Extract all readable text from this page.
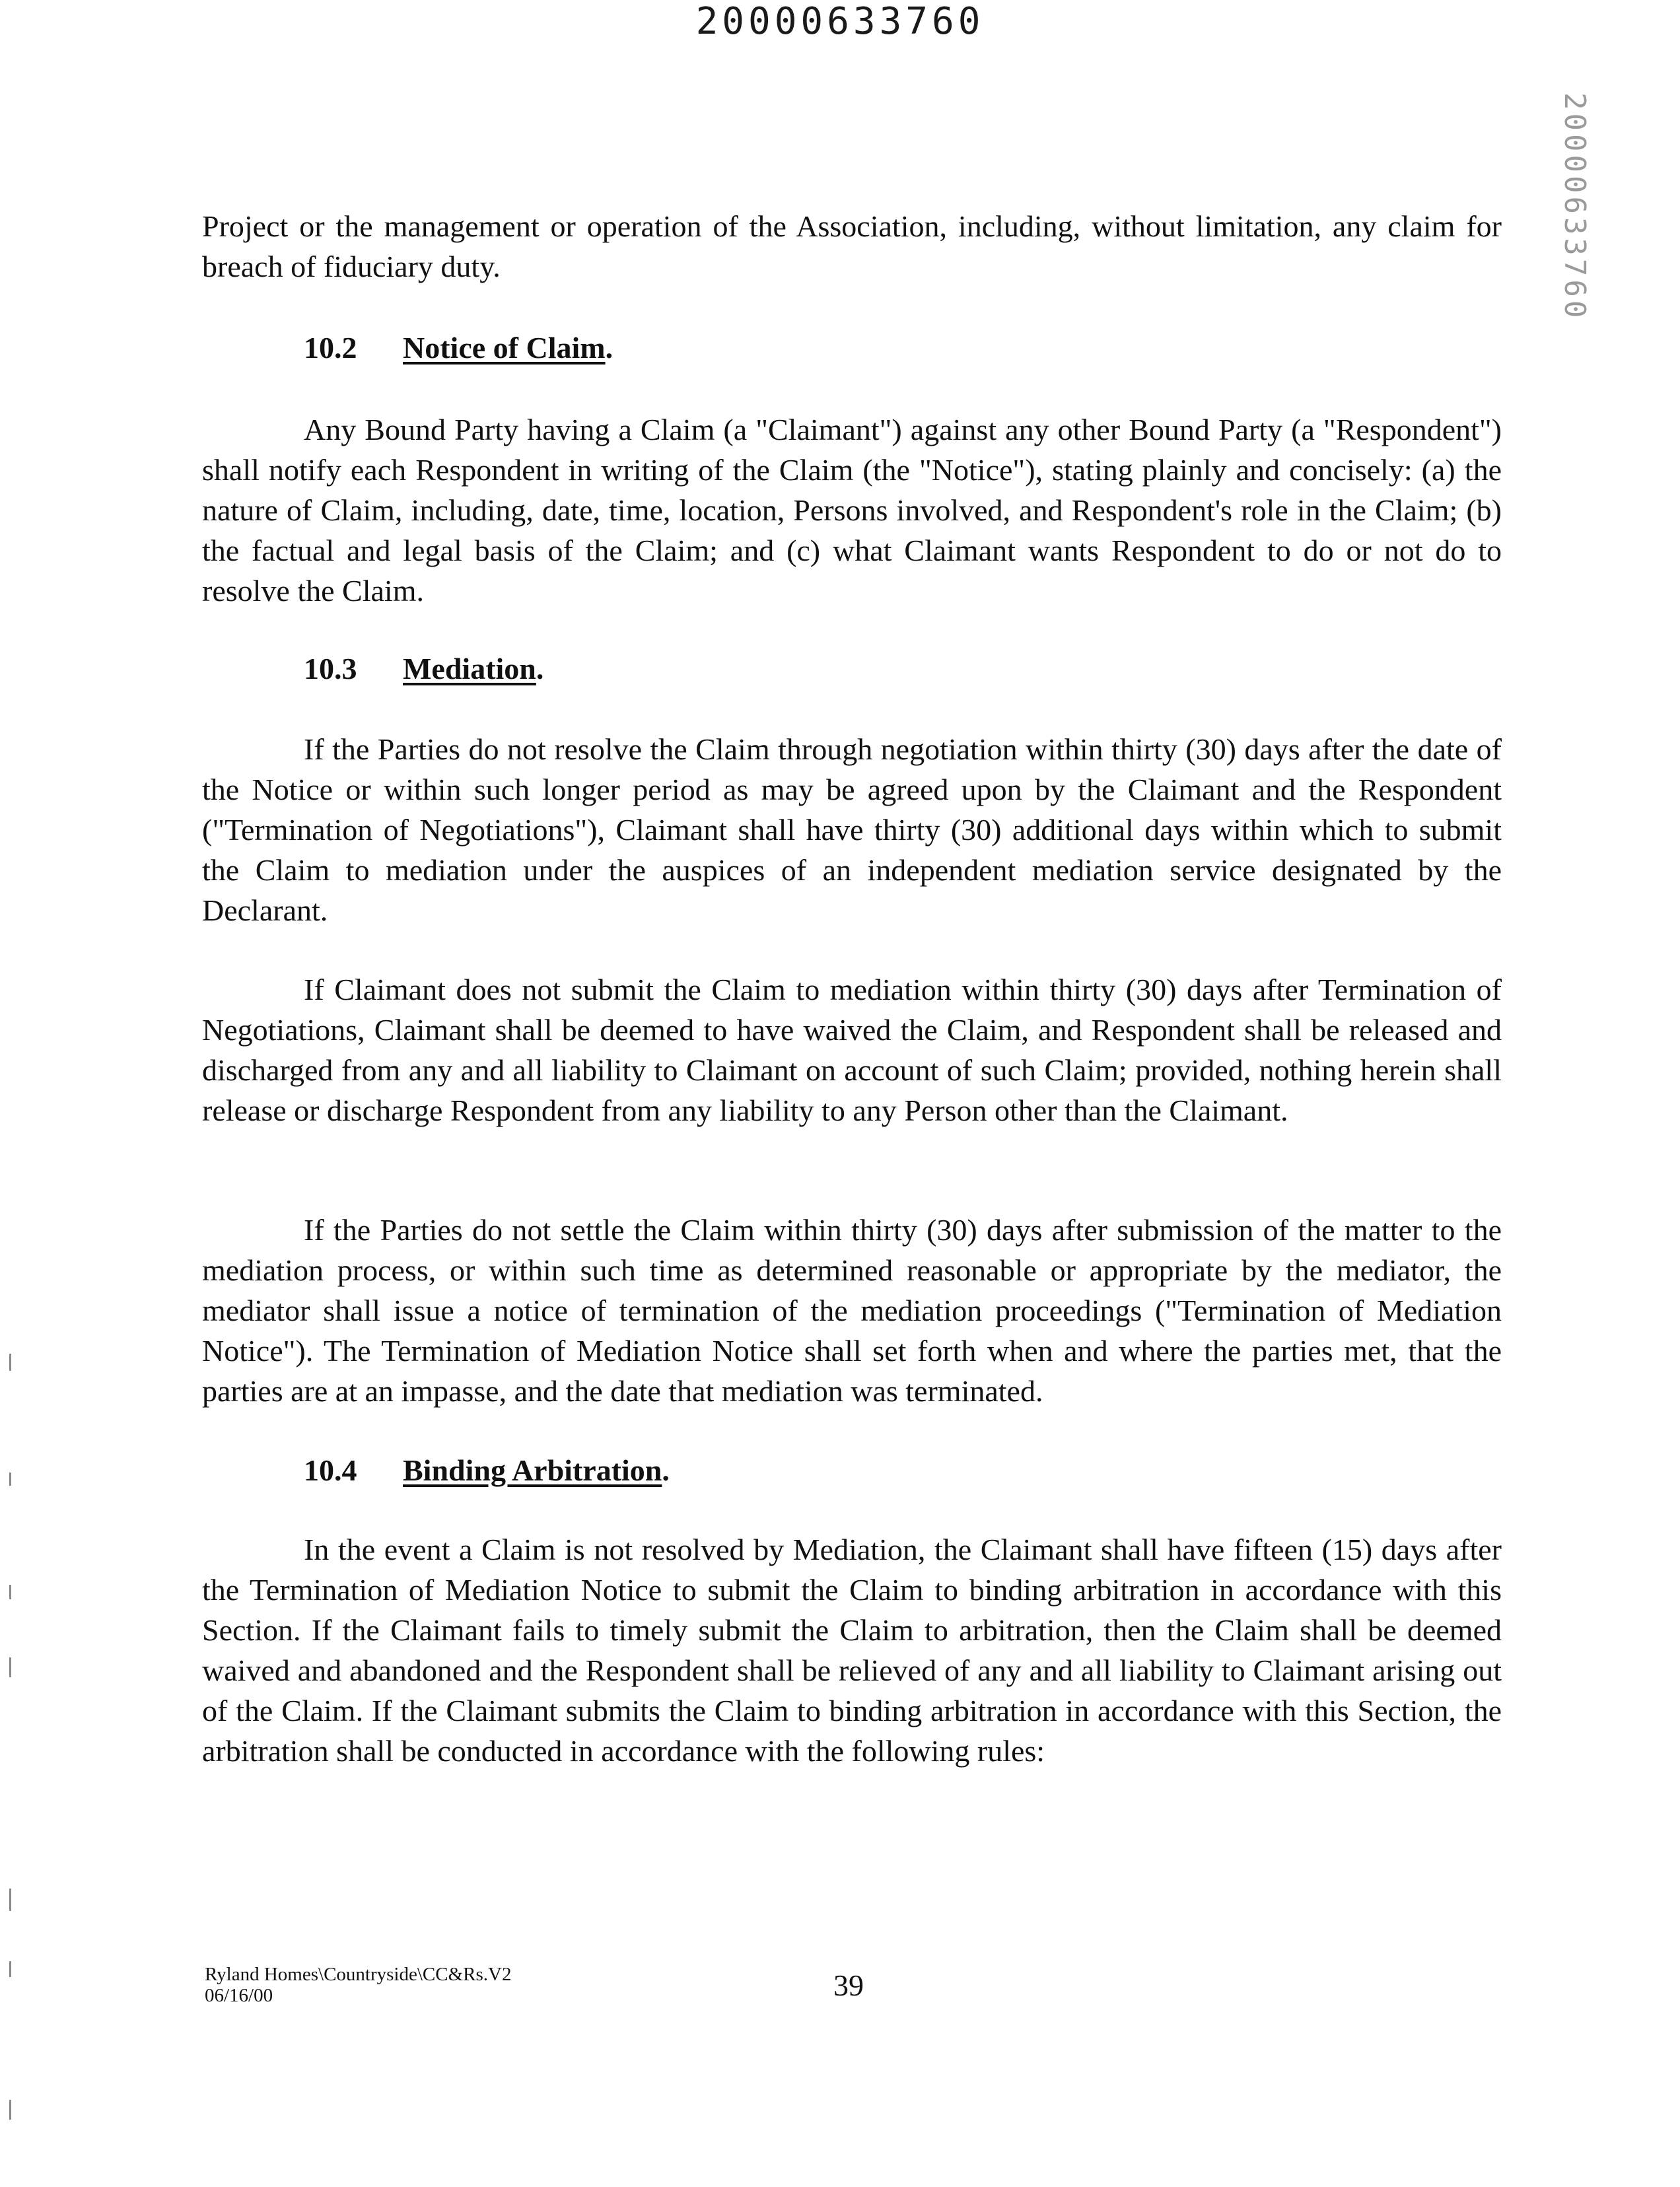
20000633760
20000633760

Project or the management or operation of the Association, including, without limitation, any claim for breach of fiduciary duty.

10.2 Notice of Claim.

Any Bound Party having a Claim (a "Claimant") against any other Bound Party (a "Respondent") shall notify each Respondent in writing of the Claim (the "Notice"), stating plainly and concisely: (a) the nature of Claim, including, date, time, location, Persons involved, and Respondent's role in the Claim; (b) the factual and legal basis of the Claim; and (c) what Claimant wants Respondent to do or not do to resolve the Claim.

10.3 Mediation.

If the Parties do not resolve the Claim through negotiation within thirty (30) days after the date of the Notice or within such longer period as may be agreed upon by the Claimant and the Respondent ("Termination of Negotiations"), Claimant shall have thirty (30) additional days within which to submit the Claim to mediation under the auspices of an independent mediation service designated by the Declarant.

If Claimant does not submit the Claim to mediation within thirty (30) days after Termination of Negotiations, Claimant shall be deemed to have waived the Claim, and Respondent shall be released and discharged from any and all liability to Claimant on account of such Claim; provided, nothing herein shall release or discharge Respondent from any liability to any Person other than the Claimant.

If the Parties do not settle the Claim within thirty (30) days after submission of the matter to the mediation process, or within such time as determined reasonable or appropriate by the mediator, the mediator shall issue a notice of termination of the mediation proceedings ("Termination of Mediation Notice"). The Termination of Mediation Notice shall set forth when and where the parties met, that the parties are at an impasse, and the date that mediation was terminated.

10.4 Binding Arbitration.

In the event a Claim is not resolved by Mediation, the Claimant shall have fifteen (15) days after the Termination of Mediation Notice to submit the Claim to binding arbitration in accordance with this Section. If the Claimant fails to timely submit the Claim to arbitration, then the Claim shall be deemed waived and abandoned and the Respondent shall be relieved of any and all liability to Claimant arising out of the Claim. If the Claimant submits the Claim to binding arbitration in accordance with this Section, the arbitration shall be conducted in accordance with the following rules:

Ryland Homes\Countryside\CC&Rs.V2
06/16/00	39
